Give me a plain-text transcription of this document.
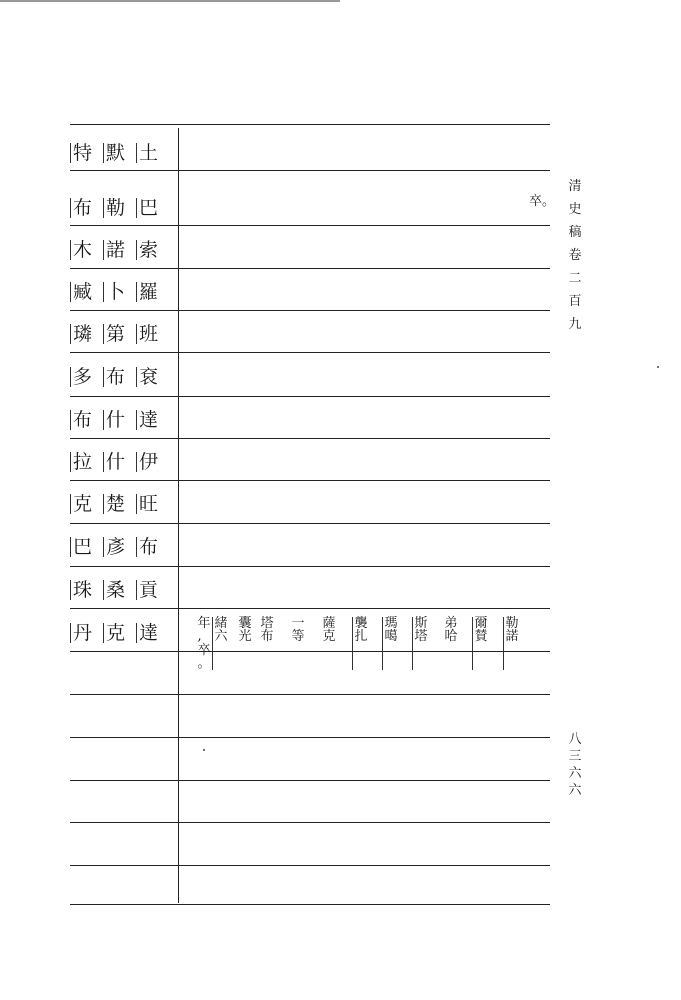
特 默 土
布 勒 巴
木 諾 索
臧 卜 羅
璘 第 班
多 布 袞
布 什 達
拉 什 伊
克 楚 旺
巴 彥 布
珠 桑 貢
丹 克 達
卒。
年
,
卒
。
緒
六
囊
光
塔
布
一
等
薩
克
襲
扎
瑪
噶
斯
塔
弟
哈
爾
賛
勒
諾
清
史
稿
卷
二
百
九
八
三
六
六
